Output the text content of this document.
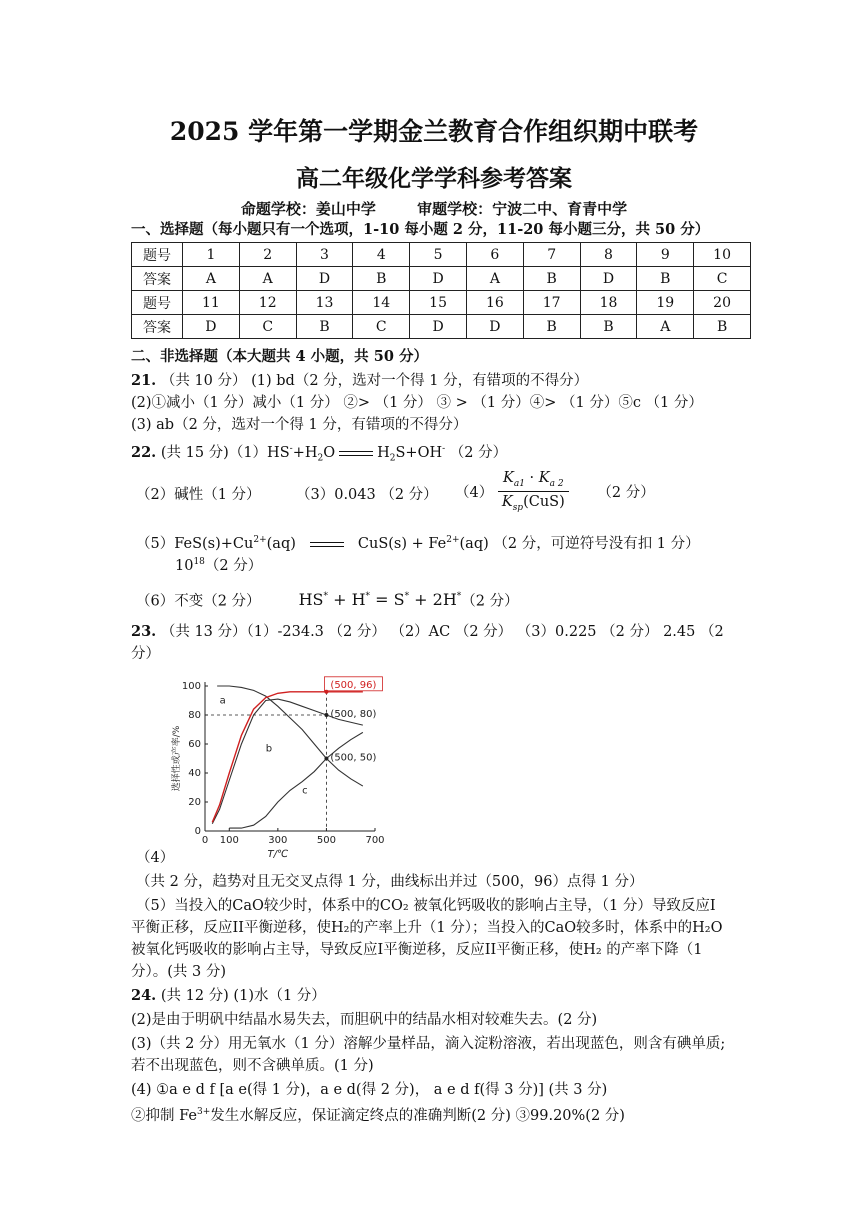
2025 学年第一学期金兰教育合作组织期中联考
高二年级化学学科参考答案
命题学校：姜山中学	审题学校：宁波二中、育青中学
一、选择题（每小题只有一个选项，1-10 每小题 2 分，11-20 每小题三分，共 50 分）
题号	1	2	3	4	5	6	7	8	9	10
答案	A	A	D	B	D	A	B	D	B	C
题号	11	12	13	14	15	16	17	18	19	20
答案	D	C	B	C	D	D	B	B	A	B
二、非选择题（本大题共 4 小题，共 50 分）
21. （共 10 分） (1) bd（2 分，选对一个得 1 分，有错项的不得分）
(2)①减小（1 分）减小（1 分） ②> （1 分） ③ > （1 分）④> （1 分）⑤c （1 分）
(3) ab（2 分，选对一个得 1 分，有错项的不得分）
22. (共 15 分)$(1)HS^-+H_2O$	$H_2S+OH^-$ （2 分）
（2）碱性（1 分） （3）0.043 （2 分） $(4) \frac{K_{a1} \cdot K_{a 2}}{K_{sp}(CuS)} (2$ 分）
$(5)FeS(s)+Cu^{2+}(aq)$	$CuS(s) + Fe^{2+}(aq)$ （2 分，可逆符号没有扣 1 分）
$10^{18}(2$ 分）
（6）不变（2 分） HS* + H* = S* + 2H*（2 分）
23. （共 13 分）（1）-234.3 （2 分） （2）AC （2 分） （3）0.225 （2 分） 2.45 （2
分）
0
20
40
60
80
100
0 100	300	500	700
T/℃
选择性或产率/%
a
b
c
(500, 96)
(500, 80)
(500, 50)
（4）
（共 2 分，趋势对且无交叉点得 1 分，曲线标出并过（500，96）点得 1 分）
（5）当投入的CaO较少时，体系中的CO₂ 被氧化钙吸收的影响占主导，（1 分）导致反应I
平衡正移，反应II平衡逆移，使H₂的产率上升（1 分）；当投入的CaO较多时，体系中的H₂O
被氧化钙吸收的影响占主导，导致反应I平衡逆移，反应II平衡正移，使H₂ 的产率下降（1
分）。(共 3 分)
24. (共 12 分) (1)水（1 分）
(2)是由于明矾中结晶水易失去，而胆矾中的结晶水相对较难失去。(2 分)
(3)（共 2 分）用无氧水（1 分）溶解少量样品，滴入淀粉溶液，若出现蓝色，则含有碘单质;
若不出现蓝色，则不含碘单质。(1 分)
(4) ①a e d f [a e(得 1 分)，a e d(得 2 分)， a e d f(得 3 分)] (共 3 分)
②抑制 $Fe^{3+}$发生水解反应，保证滴定终点的准确判断(2 分) ③99.20%(2 分)
